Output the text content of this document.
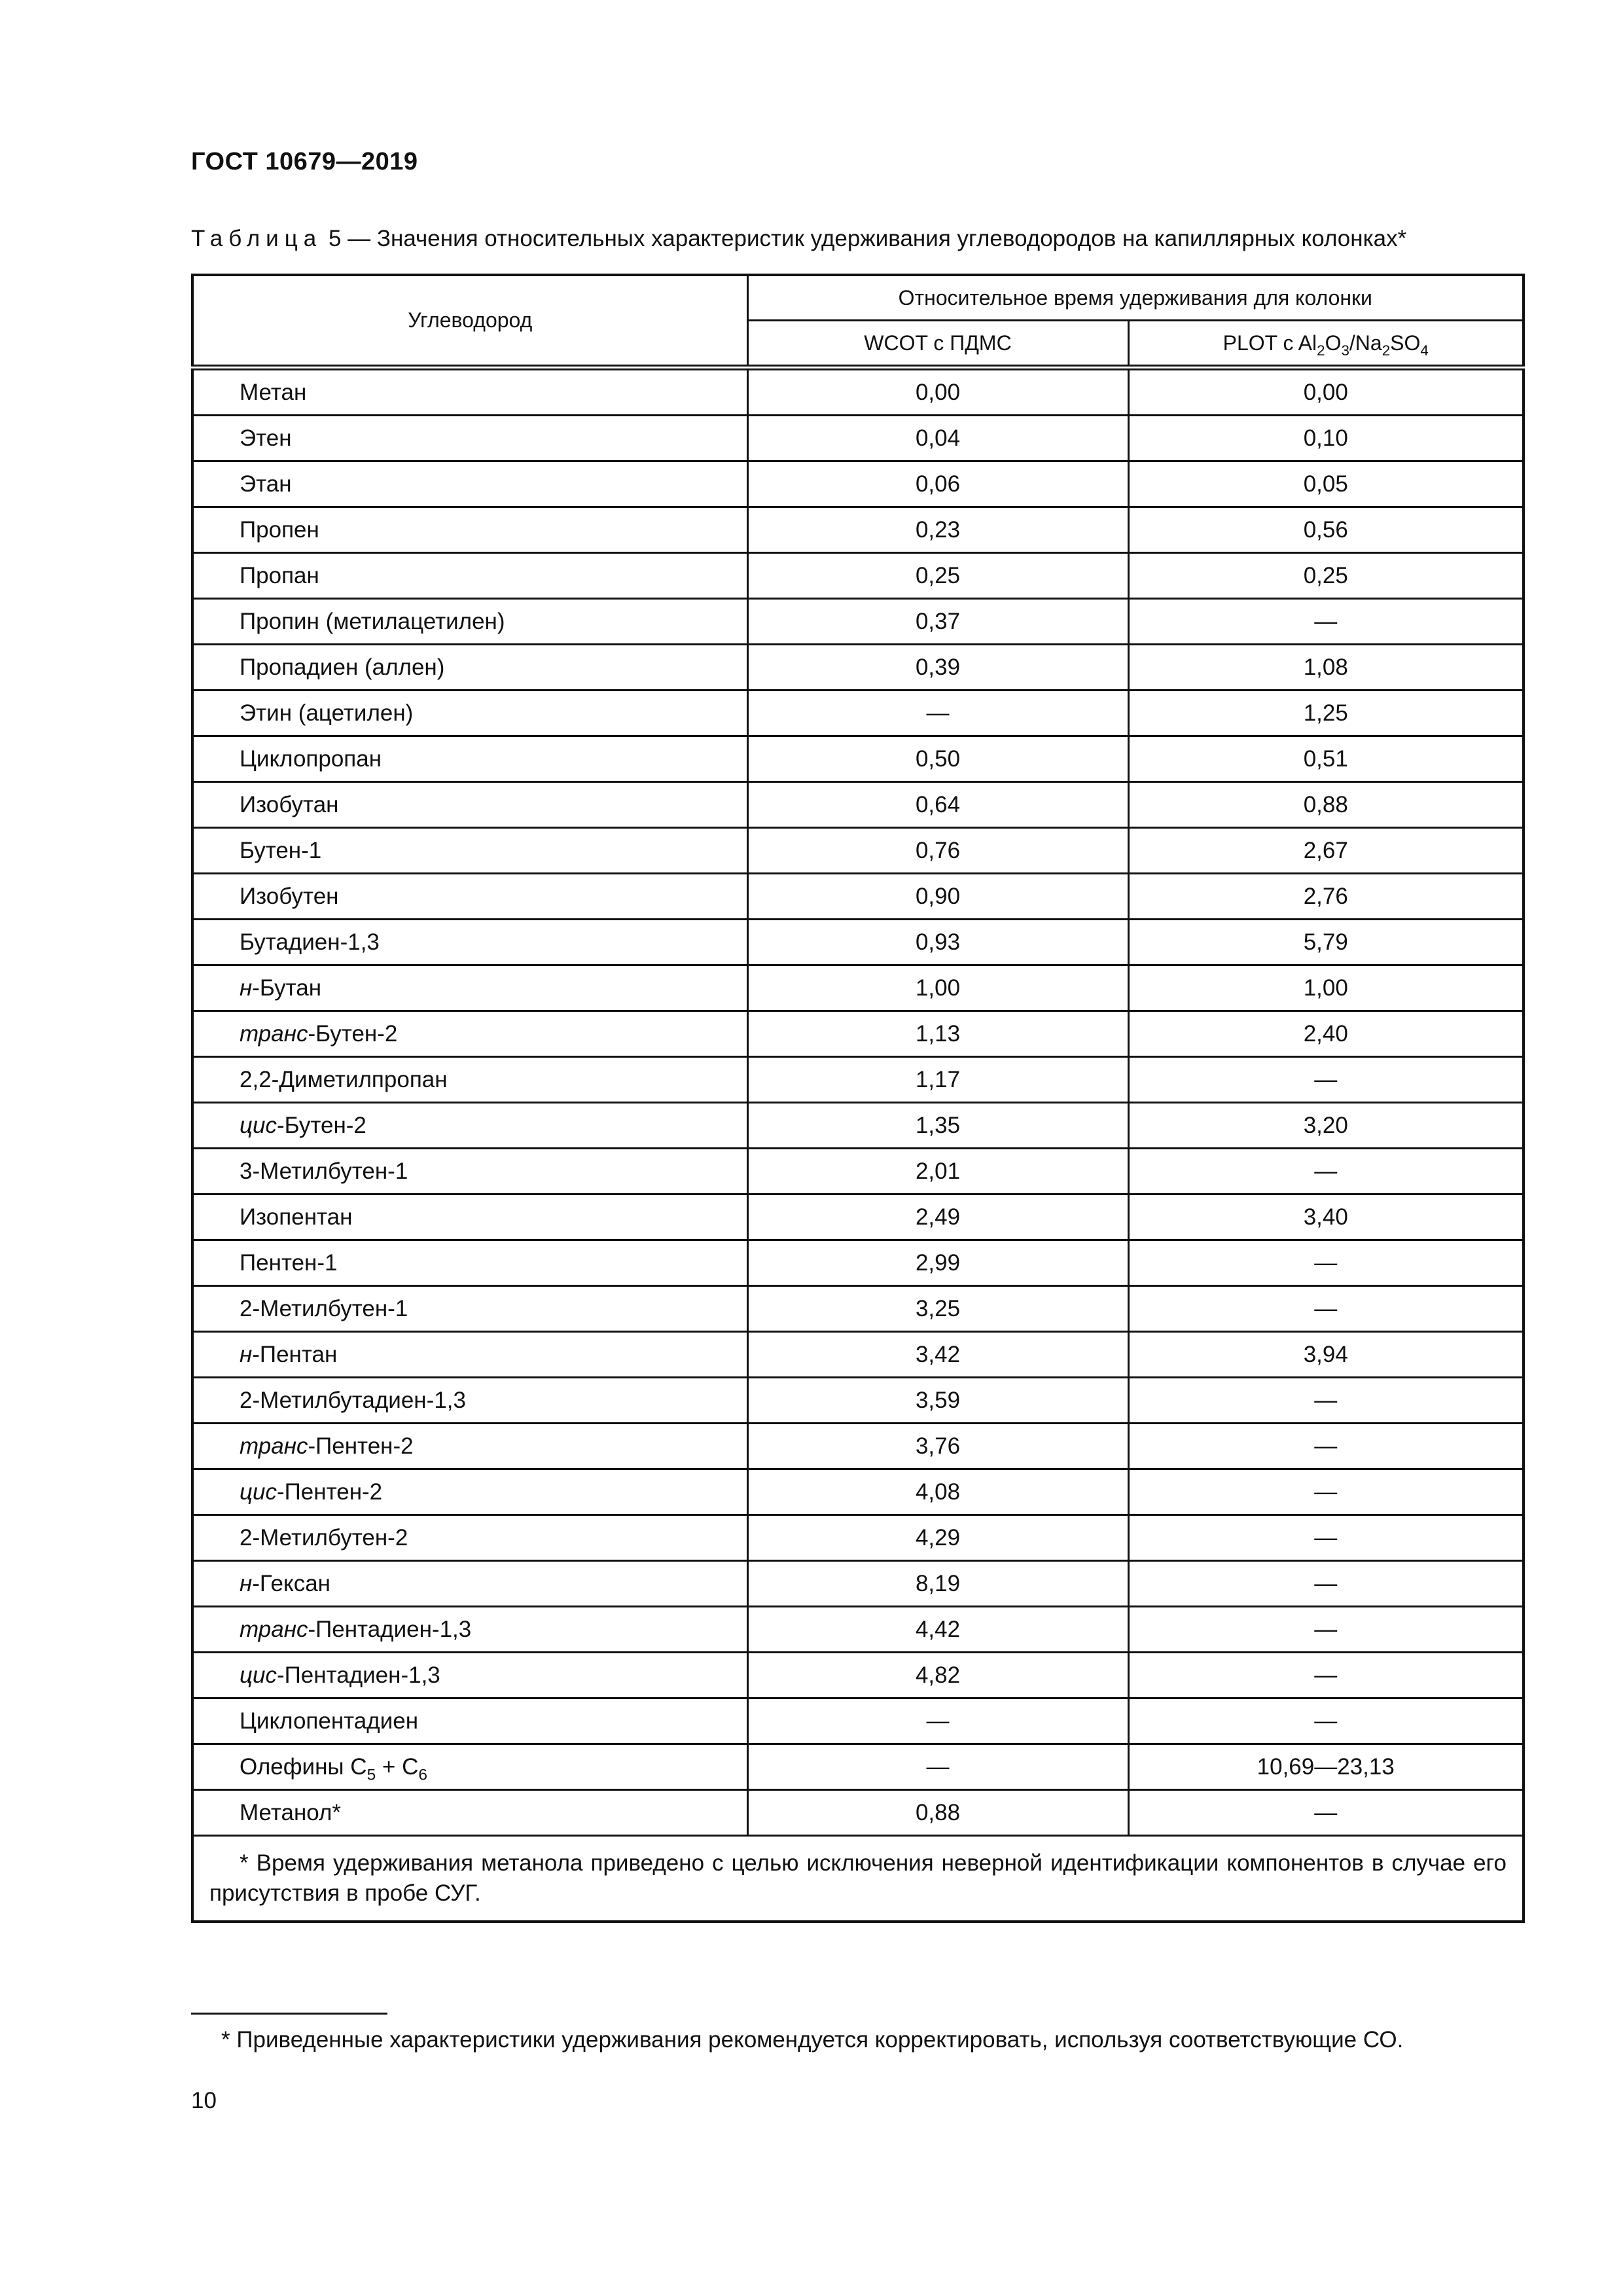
ГОСТ 10679—2019
Таблица 5 — Значения относительных характеристик удерживания углеводородов на капиллярных колонках*
Углеводород	Относительное время удерживания для колонки	
	WCOT с ПДМС	PLOT c $Al_2O_3/Na_2SO_4$
Метан	0,00	0,00
Этен	0,04	0,10
Этан	0,06	0,05
Пропен	0,23	0,56
Пропан	0,25	0,25
Пропин (метилацетилен)	0,37	—
Пропадиен (аллен)	0,39	1,08
Этин (ацетилен)	—	1,25
Циклопропан	0,50	0,51
Изобутан	0,64	0,88
Бутен-1	0,76	2,67
Изобутен	0,90	2,76
Бутадиен-1,3	0,93	5,79
н-Бутан	1,00	1,00
транс-Бутен-2	1,13	2,40
2,2-Диметилпропан	1,17	—
цис-Бутен-2	1,35	3,20
3-Метилбутен-1	2,01	—
Изопентан	2,49	3,40
Пентен-1	2,99	—
2-Метилбутен-1	3,25	—
н-Пентан	3,42	3,94
2-Метилбутадиен-1,3	3,59	—
транс-Пентен-2	3,76	—
цис-Пентен-2	4,08	—
2-Метилбутен-2	4,29	—
н-Гексан	8,19	—
транс-Пентадиен-1,3	4,42	—
цис-Пентадиен-1,3	4,82	—
Циклопентадиен	—	—
Олефины $С_5 + С_6$	—	10,69—23,13
Метанол*	0,88	—
* Время удерживания метанола приведено с целью исключения неверной идентификации компонентов в случае его присутствия в пробе СУГ.		
* Приведенные характеристики удерживания рекомендуется корректировать, используя соответствующие СО.
10
